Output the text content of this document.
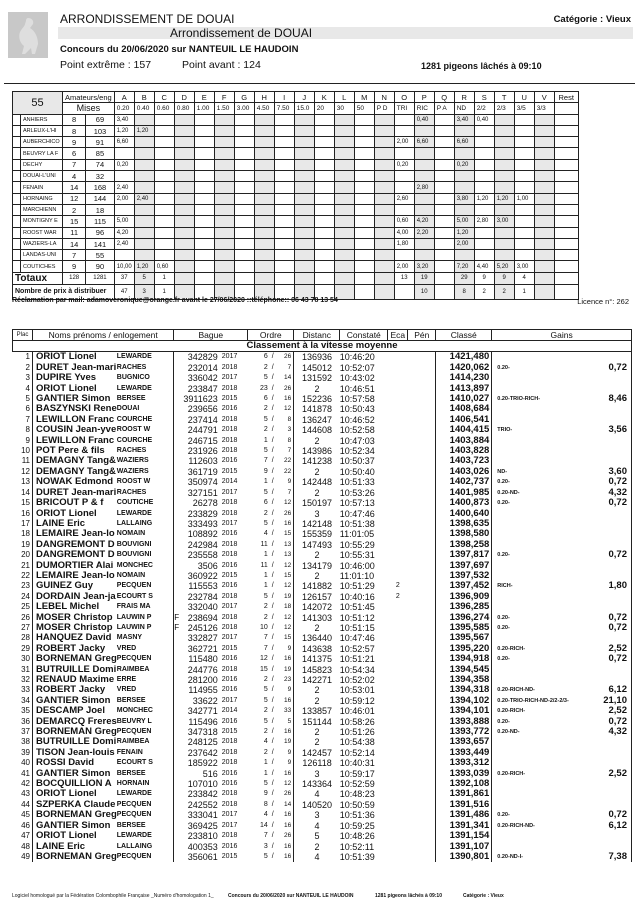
ARRONDISSEMENT DE DOUAI	Catégorie : Vieux
Arrondissement de DOUAI
Concours du 20/06/2020 sur NANTEUIL LE HAUDOIN
Point extrême : 157	Point avant : 124	1281 pigeons lâchés à 09:10
55		Amateurs/eng		A	B	C	D	E	F	G	H	I	J	K	L	M	N	O	P	Q	R	S	T	U	V	Rest
		Mises		0.20	0.40	0.60	0.80	1.00	1.50	3.00	4.50	7.50	15.0	20	30	50	P D	TRI	RIC	P A	ND	2/2	2/3	3/5	3/3	
	ANHIERS	8	69	3,40															0,40		3,40	0,40				
	ARLEUX-L'HI	8	103	1,20	1,20																					
	AUBERCHICO	9	91	6,60														2,00	6,60		6,60					
	BEUVRY LA F	6	85																							
	DECHY	7	74	0,20														0,20			0,20					
	DOUAI-L'UNI	4	32																							
	FENAIN	14	168	2,40															2,80							
	HORNAING	12	144	2,00	2,40													2,60			3,80	1,20	1,20	1,00		
	MARCHIENN	2	18																							
	MONTIGNY E	15	115	5,00														0,60	4,20		5,00	2,80	3,00			
	ROOST WAR	11	96	4,20														4,00	2,20		1,20					
	WAZIERS-LA	14	141	2,40														1,80			2,00					
	LANDAS-UNI	7	55																							
	COUTICHES	9	90	10,00	1,20	0,60												2,00	3,20		7,20	4,40	5,20	3,00		
Totaux		128	1281	37	5	1												13	19		29	9	9	4		
Nombre de prix à distribuer				47	3	1													10		8	2	2	1		
Réclamation par mail: adamoveronique@orange.fr avant le 27/06/2020 ::téléphone:: 06 43 78 13 54	Licence n°: 262
Plac	Noms prénoms / enlogement		Bague			Ordre			Distanc	Constaté	Eca	Pén	Classé	Gains	
Classement à la vitesse moyenne															
1	ORIOT Lionel	LEWARDE		342829	2017	6	/	26	136936	10:46:20			1421,480		
2	DURET Jean-mari	RACHES		232014	2018	2	/	7	145012	10:52:07			1420,062	0.20-	0,72
3	DUPIRE Yves	BUGNICO		336042	2017	5	/	14	131592	10:43:02			1414,230		
4	ORIOT Lionel	LEWARDE		233847	2018	23	/	26	2	10:46:51			1413,897		
5	GANTIER Simon	BERSEE		3911623	2015	6	/	16	152236	10:57:58			1410,027	0.20-TRIO-RICH-	8,46
6	BASZYNSKI Rene	DOUAI		239656	2016	2	/	12	141878	10:50:43			1408,684		
7	LEWILLON Franc	COURCHE		237414	2018	5	/	8	136247	10:46:52			1406,541		
8	COUSIN Jean-yve	ROOST W		244791	2018	2	/	3	144608	10:52:58			1404,415	TRIO-	3,56
9	LEWILLON Franc	COURCHE		246715	2018	1	/	8	2	10:47:03			1403,884		
10	POT Pere & fils	RACHES		231926	2018	5	/	7	143986	10:52:34			1403,828		
11	DEMAGNY Tang&	WAZIERS		112603	2016	7	/	22	141238	10:50:37			1403,723		
12	DEMAGNY Tang&	WAZIERS		361719	2015	9	/	22	2	10:50:40			1403,026	ND-	3,60
13	NOWAK Edmond	ROOST W		350974	2014	1	/	9	142448	10:51:33			1402,737	0.20-	0,72
14	DURET Jean-mari	RACHES		327151	2017	5	/	7	2	10:53:26			1401,985	0.20-ND-	4,32
15	BRICOUT P & f	COUTICHE		26278	2018	6	/	12	150197	10:57:13			1400,873	0.20-	0,72
16	ORIOT Lionel	LEWARDE		233829	2018	2	/	26	3	10:47:46			1400,640		
17	LAINE Eric	LALLAING		333493	2017	5	/	16	142148	10:51:38			1398,635		
18	LEMAIRE Jean-lo	NOMAIN		108892	2016	4	/	15	155359	11:01:05			1398,580		
19	DANGREMONT D	BOUVIGNI		242984	2018	11	/	13	147493	10:55:29			1398,258		
20	DANGREMONT D	BOUVIGNI		235558	2018	1	/	13	2	10:55:31			1397,817	0.20-	0,72
21	DUMORTIER Alai	MONCHEC		3506	2016	11	/	12	134179	10:46:00			1397,697		
22	LEMAIRE Jean-lo	NOMAIN		360922	2015	1	/	15	2	11:01:10			1397,532		
23	GUINEZ Guy	PECQUEN		115553	2016	1	/	12	141882	10:51:29	2		1397,452	RICH-	1,80
24	DORDAIN Jean-ja	ECOURT S		232784	2018	5	/	19	126157	10:40:16	2		1396,909		
25	LEBEL Michel	FRAIS MA		332040	2017	2	/	18	142072	10:51:45			1396,285		
26	MOSER Christop	LAUWIN P	F	238694	2018	2	/	12	141303	10:51:12			1396,274	0.20-	0,72
27	MOSER Christop	LAUWIN P	F	245126	2018	10	/	12	2	10:51:15			1395,585	0.20-	0,72
28	HANQUEZ David	MASNY		332827	2017	7	/	15	136440	10:47:46			1395,567		
29	ROBERT Jacky	VRED		362721	2015	7	/	9	143638	10:52:57			1395,220	0.20-RICH-	2,52
30	BORNEMAN Greg	PECQUEN		115480	2016	12	/	16	141375	10:51:21			1394,918	0.20-	0,72
31	BUTRUILLE Domi	RAIMBEA		244776	2018	15	/	19	145823	10:54:34			1394,545		
32	RENAUD Maxime	ERRE		281200	2016	2	/	23	142271	10:52:02			1394,358		
33	ROBERT Jacky	VRED		114955	2016	5	/	9	2	10:53:01			1394,318	0.20-RICH-ND-	6,12
34	GANTIER Simon	BERSEE		33622	2017	5	/	16	2	10:59:12			1394,102	0.20-TRIO-RICH-ND-2/2-2/3-	21,10
35	DESCAMP Joel	MONCHEC		342771	2014	2	/	33	133857	10:46:01			1394,101	0.20-RICH-	2,52
36	DEMARCQ Freres	BEUVRY L		115496	2016	5	/	5	151144	10:58:26			1393,888	0.20-	0,72
37	BORNEMAN Greg	PECQUEN		347318	2015	2	/	16	2	10:51:26			1393,772	0.20-ND-	4,32
38	BUTRUILLE Domi	RAIMBEA		248125	2018	4	/	19	2	10:54:38			1393,657		
39	TISON Jean-louis	FENAIN		237642	2018	2	/	9	142457	10:52:14			1393,449		
40	ROSSI David	ECOURT S		185922	2018	1	/	9	126118	10:40:31			1393,312		
41	GANTIER Simon	BERSEE		516	2016	1	/	16	3	10:59:17			1393,039	0.20-RICH-	2,52
42	BOCQUILLION A	HORNAIN		107010	2016	5	/	12	143364	10:52:59			1392,108		
43	ORIOT Lionel	LEWARDE		233842	2018	9	/	26	4	10:48:23			1391,861		
44	SZPERKA Claude	PECQUEN		242552	2018	8	/	14	140520	10:50:59			1391,516		
45	BORNEMAN Greg	PECQUEN		333041	2017	4	/	16	3	10:51:36			1391,486	0.20-	0,72
46	GANTIER Simon	BERSEE		369425	2017	14	/	16	4	10:59:25			1391,341	0.20-RICH-ND-	6,12
47	ORIOT Lionel	LEWARDE		233810	2018	7	/	26	5	10:48:26			1391,154		
48	LAINE Eric	LALLAING		400353	2016	3	/	16	2	10:52:11			1391,107		
49	BORNEMAN Greg	PECQUEN		356061	2015	5	/	16	4	10:51:39			1390,801	0.20-ND-I-	7,38
Logiciel homologué par la Fédération Colombophile Française _Numéro d'homologation 1_	Concours du 20/06/2020 sur NANTEUIL LE HAUDOIN	1281 pigeons lâchés à 09:10	Catégorie : Vieux
